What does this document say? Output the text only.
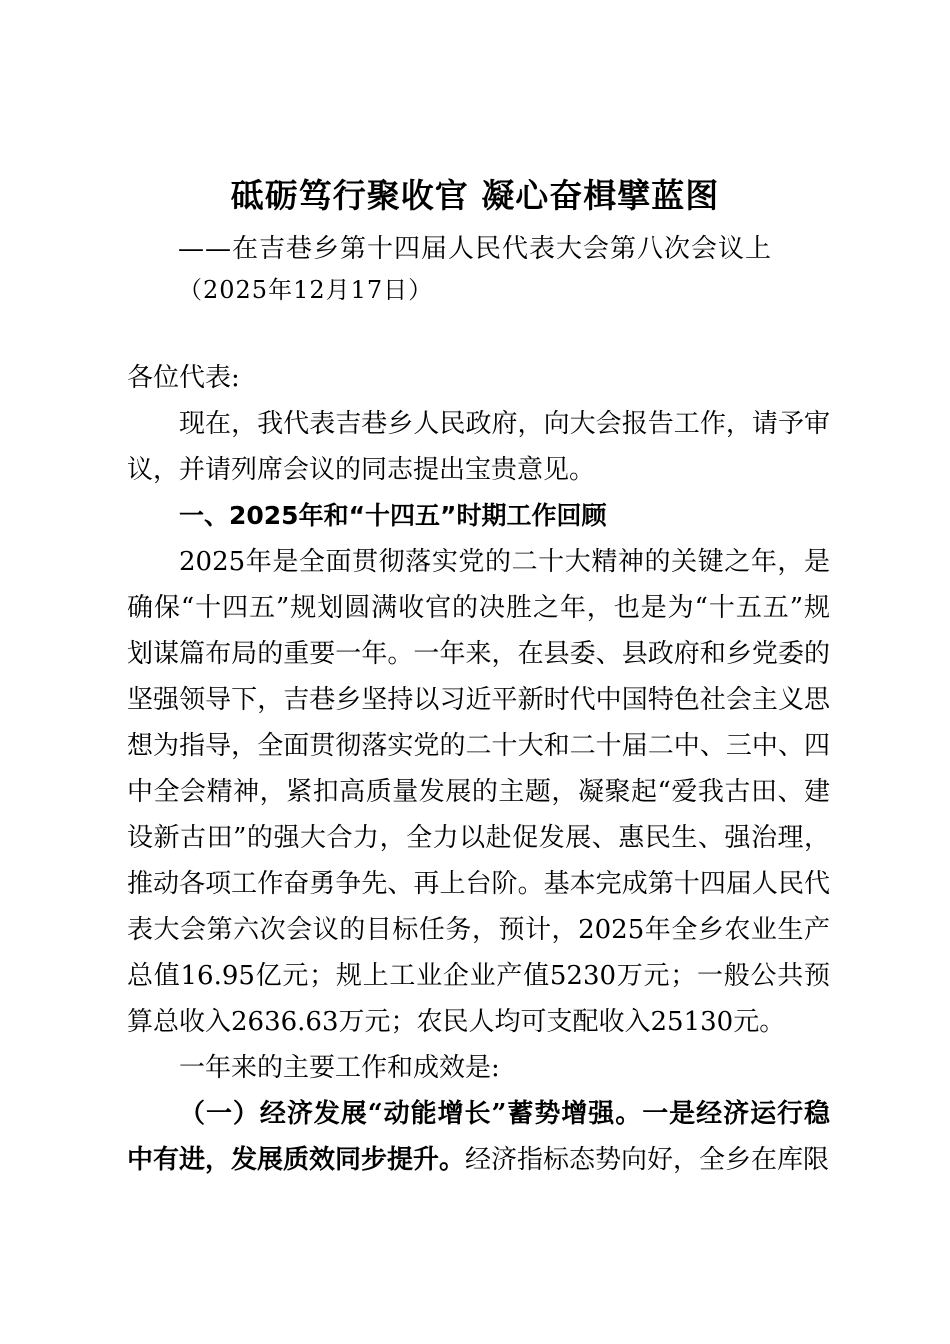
砥砺笃行聚收官 凝心奋楫擘蓝图
——在吉巷乡第十四届人民代表大会第八次会议上
（2025年12月17日）

各位代表:

现在，我代表吉巷乡人民政府，向大会报告工作，请予审议，并请列席会议的同志提出宝贵意见。

一、2025年和“十四五”时期工作回顾

2025年是全面贯彻落实党的二十大精神的关键之年，是确保“十四五”规划圆满收官的决胜之年，也是为“十五五”规划谋篇布局的重要一年。一年来，在县委、县政府和乡党委的坚强领导下，吉巷乡坚持以习近平新时代中国特色社会主义思想为指导，全面贯彻落实党的二十大和二十届二中、三中、四中全会精神，紧扣高质量发展的主题，凝聚起“爱我古田、建设新古田”的强大合力，全力以赴促发展、惠民生、强治理，推动各项工作奋勇争先、再上台阶。基本完成第十四届人民代表大会第六次会议的目标任务，预计，2025年全乡农业生产总值16.95亿元；规上工业企业产值5230万元；一般公共预算总收入2636.63万元；农民人均可支配收入25130元。

一年来的主要工作和成效是:

（一）经济发展“动能增长”蓄势增强。一是经济运行稳中有进，发展质效同步提升。经济指标态势向好，全乡在库限
